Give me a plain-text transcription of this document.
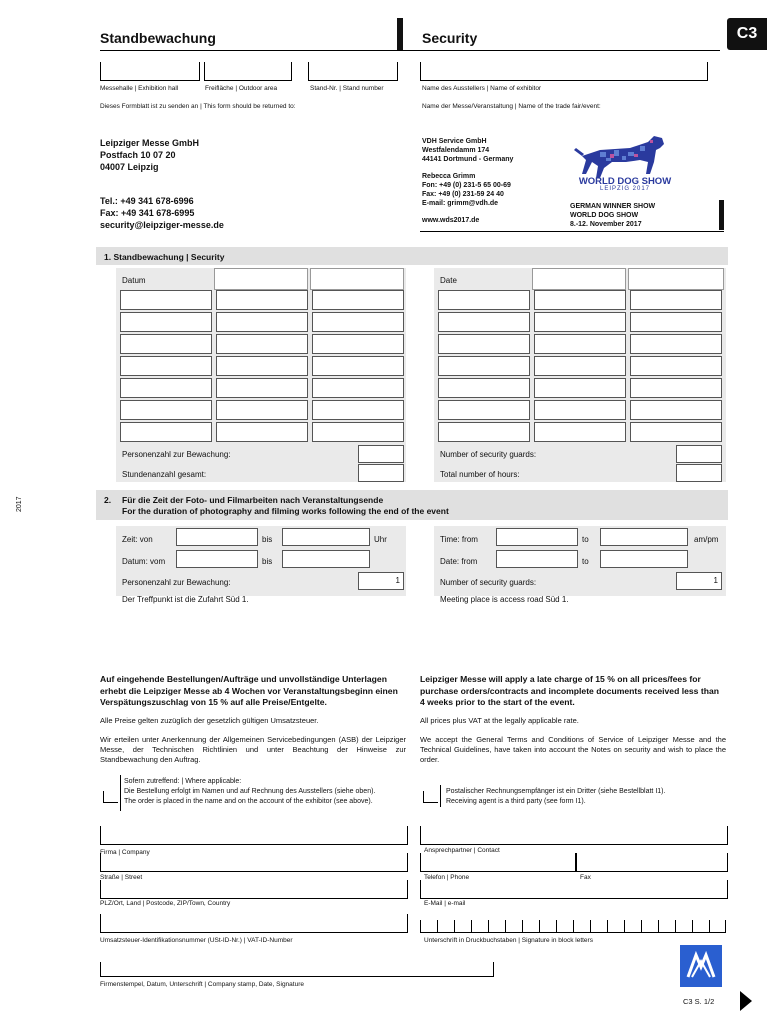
Standbewachung	Security	C3
Messehalle | Exhibition hall	Freifläche | Outdoor area	Stand-Nr. | Stand number	Name des Ausstellers | Name of exhibitor
Dieses Formblatt ist zu senden an | This form should be returned to:	Name der Messe/Veranstaltung | Name of the trade fair/event:
Leipziger Messe GmbH
Postfach 10 07 20
04007 Leipzig
Tel.: +49 341 678-6996
Fax: +49 341 678-6995
security@leipziger-messe.de
VDH Service GmbH
Westfalendamm 174
44141 Dortmund - Germany
Rebecca Grimm
Fon: +49 (0) 231-5 65 00-69
Fax: +49 (0) 231-59 24 40
E-mail: grimm@vdh.de
www.wds2017.de
WORLD DOG SHOW
LEIPZIG 2017
GERMAN WINNER SHOW
WORLD DOG SHOW
8.-12. November 2017
1. Standbewachung | Security
Datum	Date
Personenzahl zur Bewachung:
Stundenanzahl gesamt:
Number of security guards:
Total number of hours:
2017	2. Für die Zeit der Foto- und Filmarbeiten nach Veranstaltungsende
For the duration of photography and filming works following the end of the event
Zeit: von	bis	Uhr
Datum: vom	bis
Personenzahl zur Bewachung:	1
Der Treffpunkt ist die Zufahrt Süd 1.
Time: from	to	am/pm
Date: from	to
Number of security guards:	1
Meeting place is access road Süd 1.
Auf eingehende Bestellungen/Aufträge und unvollständige Unterlagen erhebt die Leipziger Messe ab 4 Wochen vor Veranstaltungsbeginn einen Verspätungszuschlag von 15 % auf alle Preise/Entgelte.
Alle Preise gelten zuzüglich der gesetzlich gültigen Umsatzsteuer.
Wir erteilen unter Anerkennung der Allgemeinen Servicebedingungen (ASB) der Leipziger Messe, der Technischen Richtlinien und unter Beachtung der Hinweise zur Standbewachung den Auftrag.
Leipziger Messe will apply a late charge of 15 % on all prices/fees for purchase orders/contracts and incomplete documents received less than 4 weeks prior to the start of the event.
All prices plus VAT at the legally applicable rate.
We accept the General Terms and Conditions of Service of Leipziger Messe and the Technical Guidelines, have taken into account the Notes on security and wish to place the order.
Sofern zutreffend: | Where applicable:
Die Bestellung erfolgt im Namen und auf Rechnung des Ausstellers (siehe oben).
The order is placed in the name and on the account of the exhibitor (see above).
Postalischer Rechnungsempfänger ist ein Dritter (siehe Bestellblatt I1).
Receiving agent is a third party (see form I1).
Firma | Company	Ansprechpartner | Contact
Straße | Street	Telefon | Phone	Fax
PLZ/Ort, Land | Postcode, ZIP/Town, Country	E-Mail | e-mail
Umsatzsteuer-Identifikationsnummer (USt-ID-Nr.) | VAT-ID-Number	Unterschrift in Druckbuchstaben | Signature in block letters
Firmenstempel, Datum, Unterschrift | Company stamp, Date, Signature
C3 S. 1/2
